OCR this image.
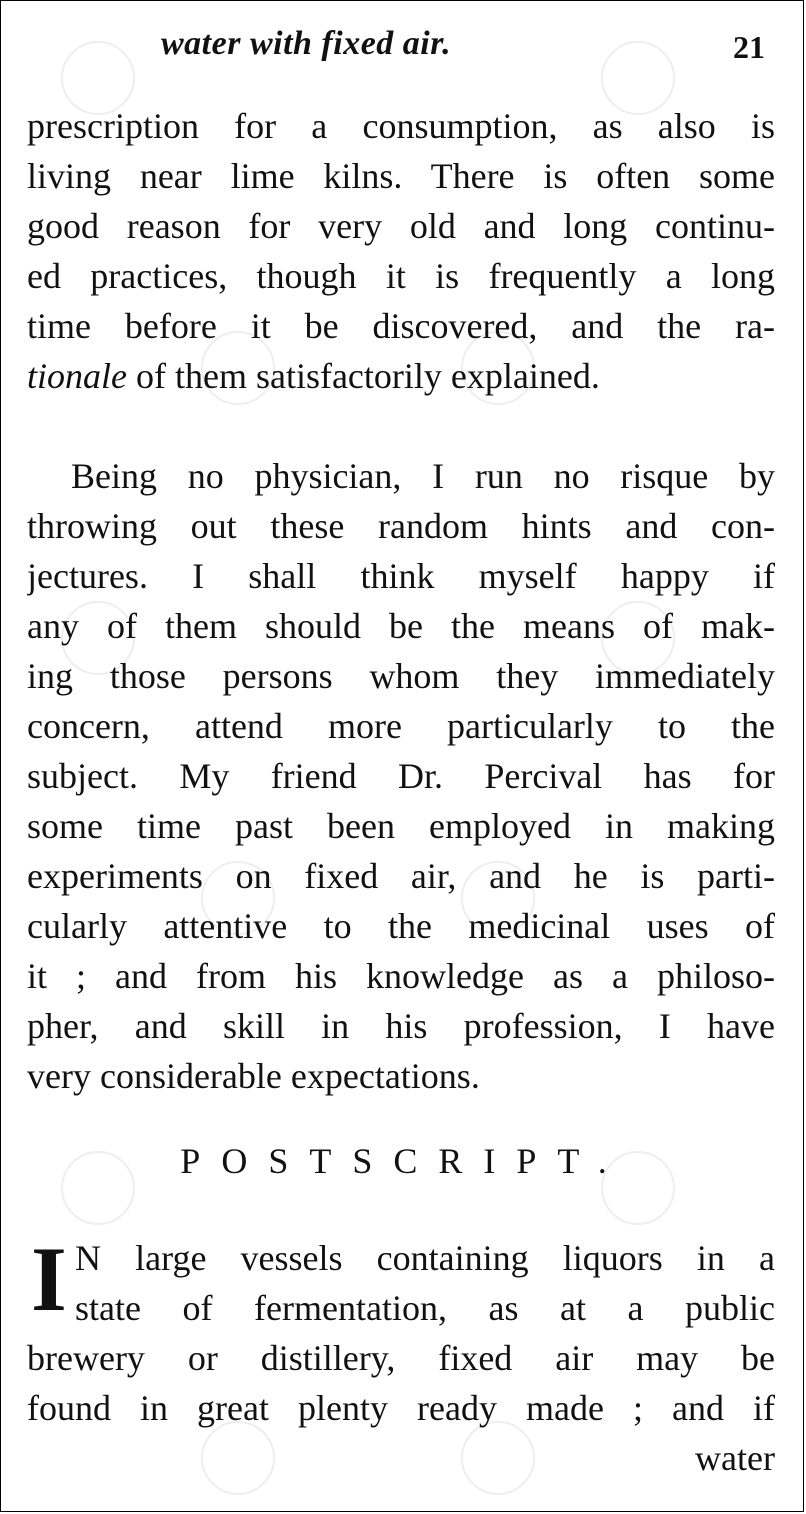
water with fixed air.	21
prescription for a consumption, as also is
living near lime kilns. There is often some
good reason for very old and long continu-
ed practices, though it is frequently a long
time before it be discovered, and the ra-
tionale of them satisfactorily explained.
Being no physician, I run no risque by
throwing out these random hints and con-
jectures. I shall think myself happy if
any of them should be the means of mak-
ing those persons whom they immediately
concern, attend more particularly to the
subject. My friend Dr. Percival has for
some time past been employed in making
experiments on fixed air, and he is parti-
cularly attentive to the medicinal uses of
it ; and from his knowledge as a philoso-
pher, and skill in his profession, I have
very considerable expectations.
POSTSCRIPT.
I N large vessels containing liquors in a
state of fermentation, as at a public
brewery or distillery, fixed air may be
found in great plenty ready made ; and if
water
